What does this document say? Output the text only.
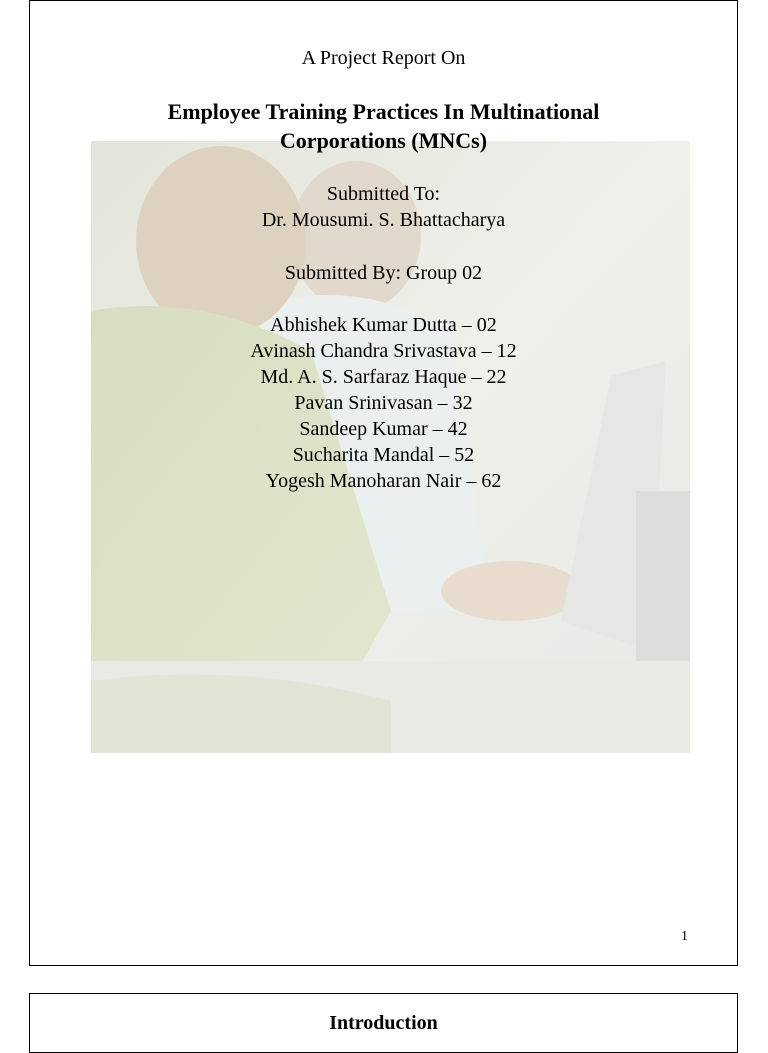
A Project Report On
Employee Training Practices In Multinational
Corporations (MNCs)
Submitted To:
Dr. Mousumi. S. Bhattacharya
Submitted By: Group 02
Abhishek Kumar Dutta – 02
Avinash Chandra Srivastava – 12
Md. A. S. Sarfaraz Haque – 22
Pavan Srinivasan – 32
Sandeep Kumar – 42
Sucharita Mandal – 52
Yogesh Manoharan Nair – 62
1
Introduction
